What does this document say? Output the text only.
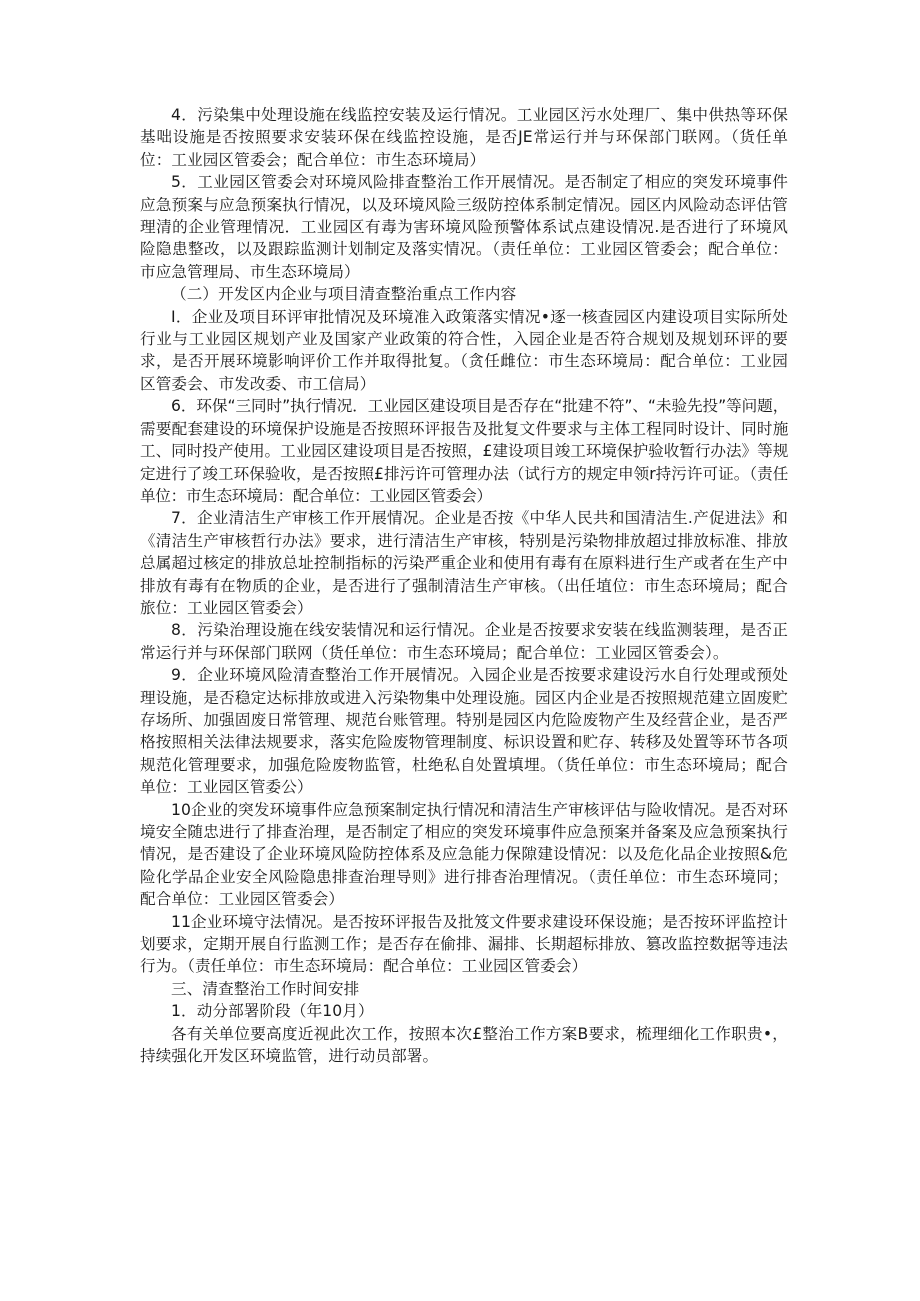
4．污染集中处理设施在线监控安装及运行情况。工业园区污水处理厂、集中供热等环保基咄设施是否按照要求安装环保在线监控设施，是否JE常运行并与环保部门联网。（货任单位：工业园区管委会；配合单位：市生态环境局）

5．工业园区管委会对环境风险排査整治工作开展情况。是否制定了相应的突发环境事件应急预案与应急预案执行情况，以及环境风险三级防控体系制定情况。园区内风险动态评估管理清的企业管理情况．工业园区有毒为害环境风险预警体系试点建设情况.是否进行了环境风险隐患整改，以及跟踪监测计划制定及落实情况。（责任单位：工业园区管委会；配合单位：市应急管理局、市生态环境局）

（二）开发区内企业与项目清查整治重点工作内容

I．企业及项目环评审批情况及环境准入政策落实情况•逐一核查园区内建设项目实际所处行业与工业园区规划产业及国家产业政策的符合性，入园企业是否符合规划及规划环评的要求，是否开展环境影响评价工作并取得批复。（贪任雌位：市生态环境局：配合单位：工业园区管委会、市发改委、市工信局）

6．环保“三同时”执行情况．工业园区建设项目是否存在“批建不符”、“未验先投”等问题，需要配套建设的环境保护设施是否按照环评报告及批复文件要求与主体工程同时设计、同时施工、同时投产使用。工业园区建设项目是否按照，£建设项目竣工环境保护验收暂行办法》等规定进行了竣工环保验收，是否按照£排污许可管理办法（试行方的规定申领r持污许可证。（责任单位：市生态环境局：配合单位：工业园区管委会）

7．企业清洁生产审核工作开展情况。企业是否按《中华人民共和国清洁生.产促进法》和《清洁生产审核哲行办法》要求，进行清洁生产审核，特别是污染物排放超过排放标准、排放总属超过核定的排放总址控制指标的污染严重企业和使用有毒有在原料进行生产或者在生产中排放有毒有在物质的企业，是否进行了强制清洁生产审核。（出任埴位：市生态环境局；配合旅位：工业园区管委会）

8．污染治理设施在线安装情况和运行情况。企业是否按要求安装在线监测装理，是否正常运行并与环保部门联网（货任单位：市生态环境局；配合单位：工业园区管委会）。

9．企业环境风险清查整治工作开展情况。入园企业是否按要求建设污水自行处理或预处理设施，是否稳定达标排放或进入污染物集中处理设施。园区内企业是否按照规范建立固废贮存场所、加强固废日常管理、规范台账管理。特别是园区内危险废物产生及经营企业，是否严格按照相关法律法规要求，落实危险废物管理制度、标识设置和贮存、转移及处置等环节各项规范化管理要求，加强危险废物监管，杜绝私自处置填埋。（货任单位：市生态环境局；配合单位：工业园区管委公）

10企业的突发环境事件应急预案制定执行情况和清洁生产审核评估与险收情况。是否对环境安全随忠进行了排查治理，是否制定了相应的突发环境事件应急预案并备案及应急预案执行情况，是否建设了企业环境风险防控体系及应急能力保隙建设情况：以及危化品企业按照&危险化学品企业安全风险隐患排查治理导则》进行排杳治理情况。（责任单位：市生态环境同；配合单位：工业园区管委会）

11企业环境守法情况。是否按环评报告及批笈文件要求建设环保设施；是否按环评监控计划要求，定期开展自行监测工作；是否存在偷排、漏排、长期超标排放、篡改监控数据等违法行为。（责任单位：市生态环境局：配合单位：工业园区管委会）

三、清查整治工作时间安排

1．动分部署阶段（年10月）

各有关单位要高度近视此次工作，按照本次£整治工作方案B要求，梳理细化工作职贵•，持续强化开发区环境监管，进行动员部署。
